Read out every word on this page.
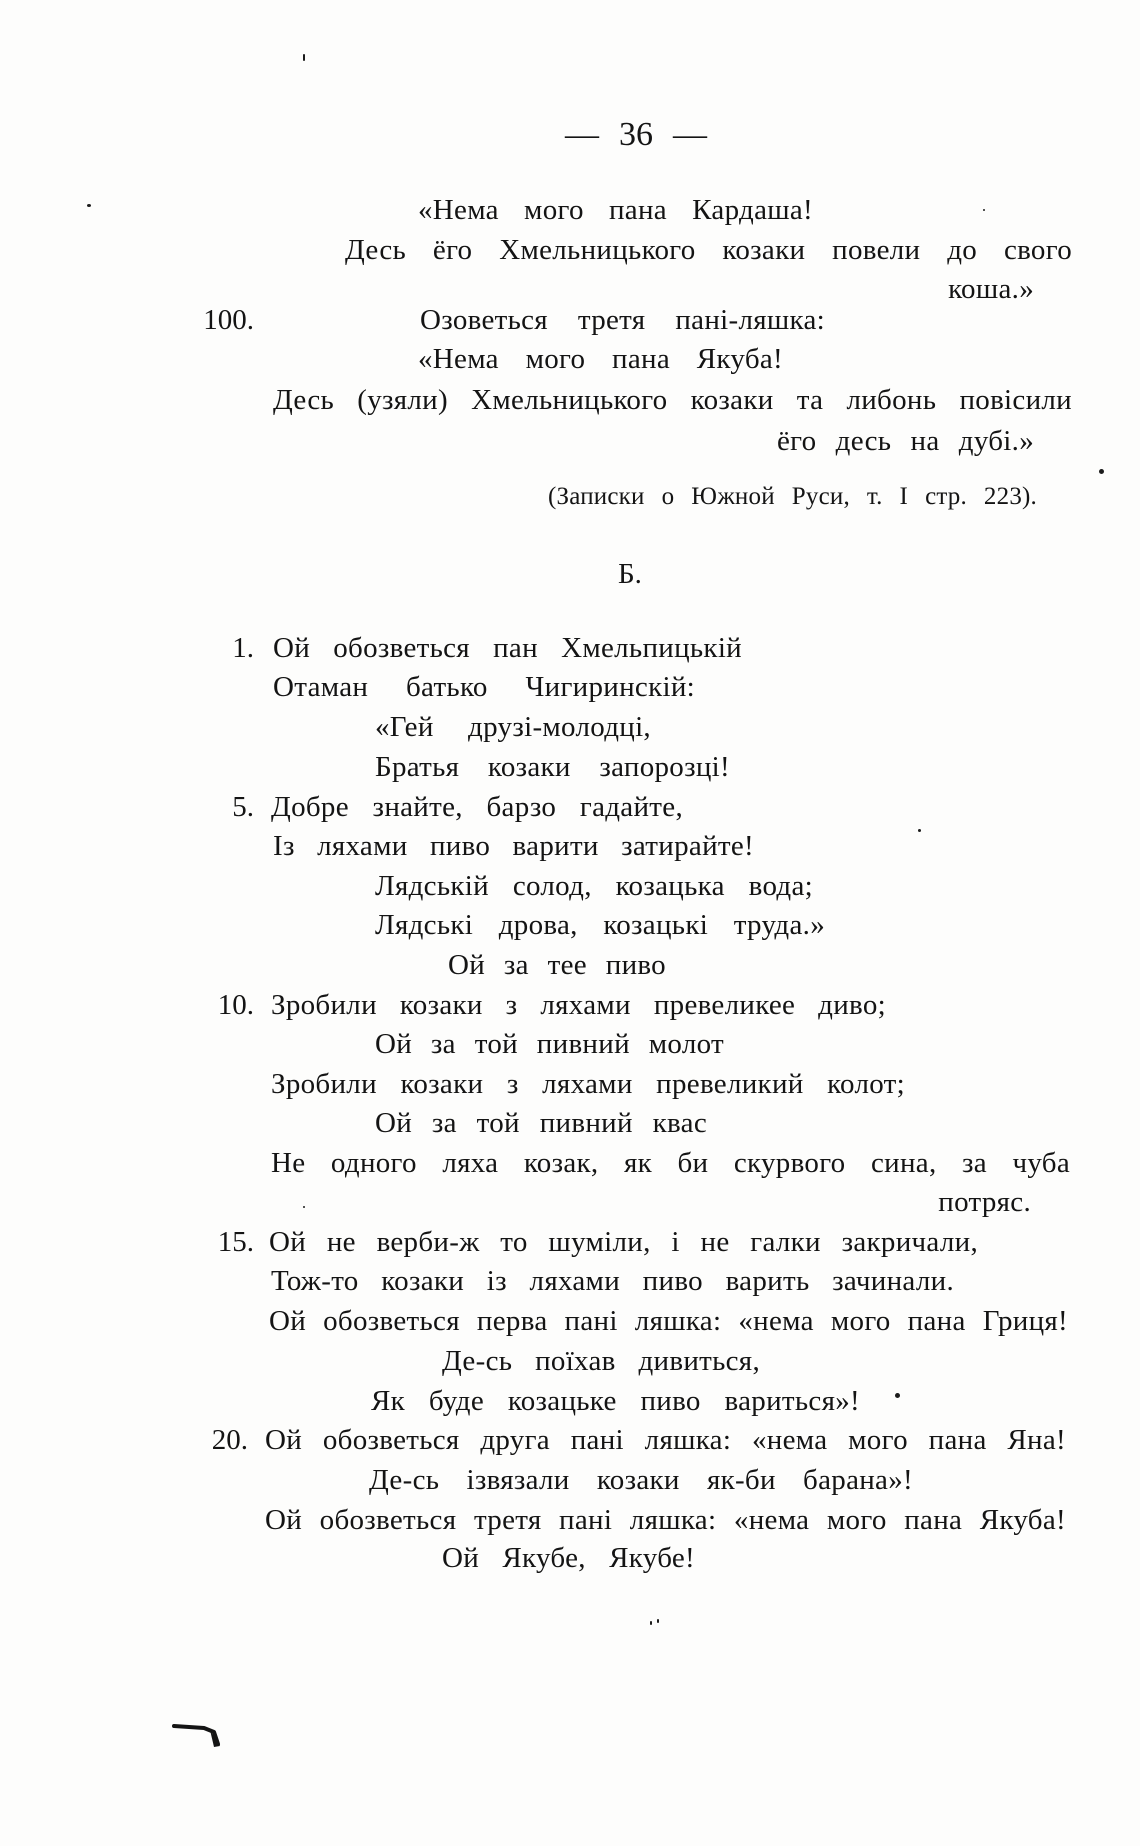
— 36 —
«Нема мого пана Кардаша!
Десь ёго Хмельницького козаки повели до свого
коша.»
100.	Озоветься третя пані-ляшка:
«Нема мого пана Якуба!
Десь (узяли) Хмельницького козаки та либонь повісили
ёго десь на дубі.»
(Записки о Южной Руси, т. I стр. 223).
Б.
1. Ой обозветься пан Хмельпицькій
Отаман батько Чигиринскій:
«Гей друзі-молодці,
Братья козаки запорозці!
5. Добре знайте, барзо гадайте,
Із ляхами пиво варити затирайте!
Лядській солод, козацька вода;
Лядські дрова, козацькі труда.»
Ой за тее пиво
10. Зробили козаки з ляхами превеликее диво;
Ой за той пивний молот
Зробили козаки з ляхами превеликий колот;
Ой за той пивний квас
Не одного ляха козак, як би скурвого сина, за чуба
потряс.
15. Ой не верби-ж то шуміли, і не галки закричали,
Тож-то козаки із ляхами пиво варить зачинали.
Ой обозветься перва пані ляшка: «нема мого пана Гриця!
Де-сь поїхав дивиться,
Як буде козацьке пиво вариться»!
20. Ой обозветься друга пані ляшка: «нема мого пана Яна!
Де-сь ізвязали козаки як-би барана»!
Ой обозветься третя пані ляшка: «нема мого пана Якуба!
Ой Якубе, Якубе!
